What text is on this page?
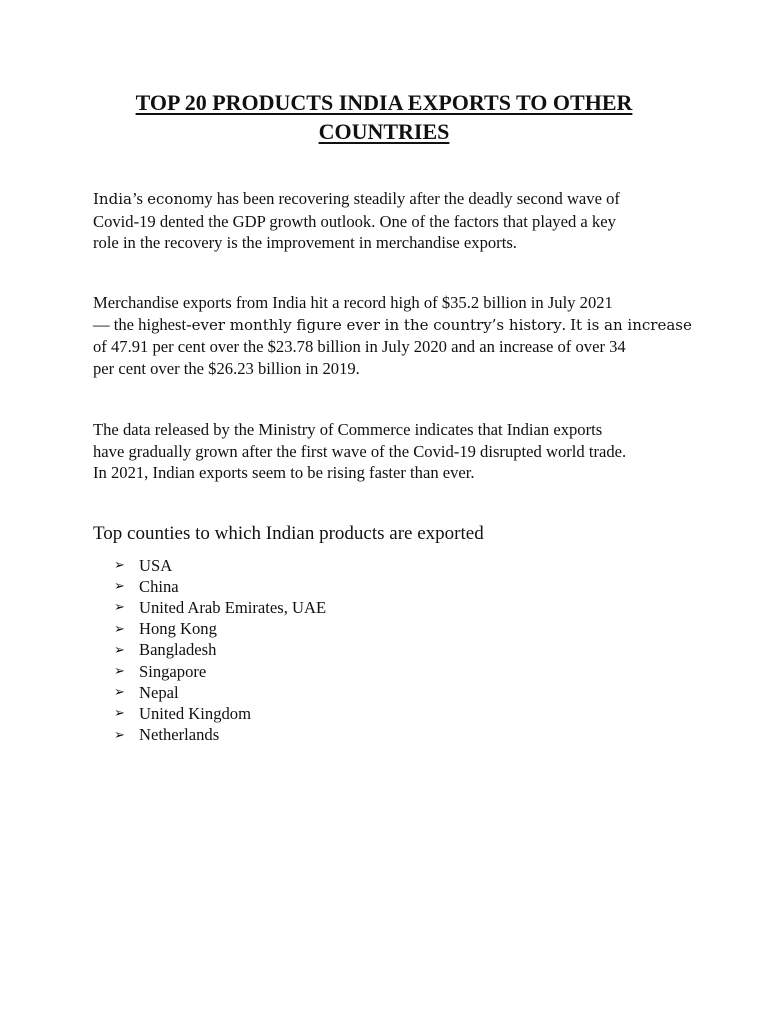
TOP 20 PRODUCTS INDIA EXPORTS TO OTHER COUNTRIES

India’s economy has been recovering steadily after the deadly second wave of
Covid-19 dented the GDP growth outlook. One of the factors that played a key
role in the recovery is the improvement in merchandise exports.

Merchandise exports from India hit a record high of $35.2 billion in July 2021
— the highest-ever monthly figure ever in the country’s history. It is an increase
of 47.91 per cent over the $23.78 billion in July 2020 and an increase of over 34
per cent over the $26.23 billion in 2019.

The data released by the Ministry of Commerce indicates that Indian exports
have gradually grown after the first wave of the Covid-19 disrupted world trade.
In 2021, Indian exports seem to be rising faster than ever.

Top counties to which Indian products are exported
➢ USA
➢ China
➢ United Arab Emirates, UAE
➢ Hong Kong
➢ Bangladesh
➢ Singapore
➢ Nepal
➢ United Kingdom
➢ Netherlands
